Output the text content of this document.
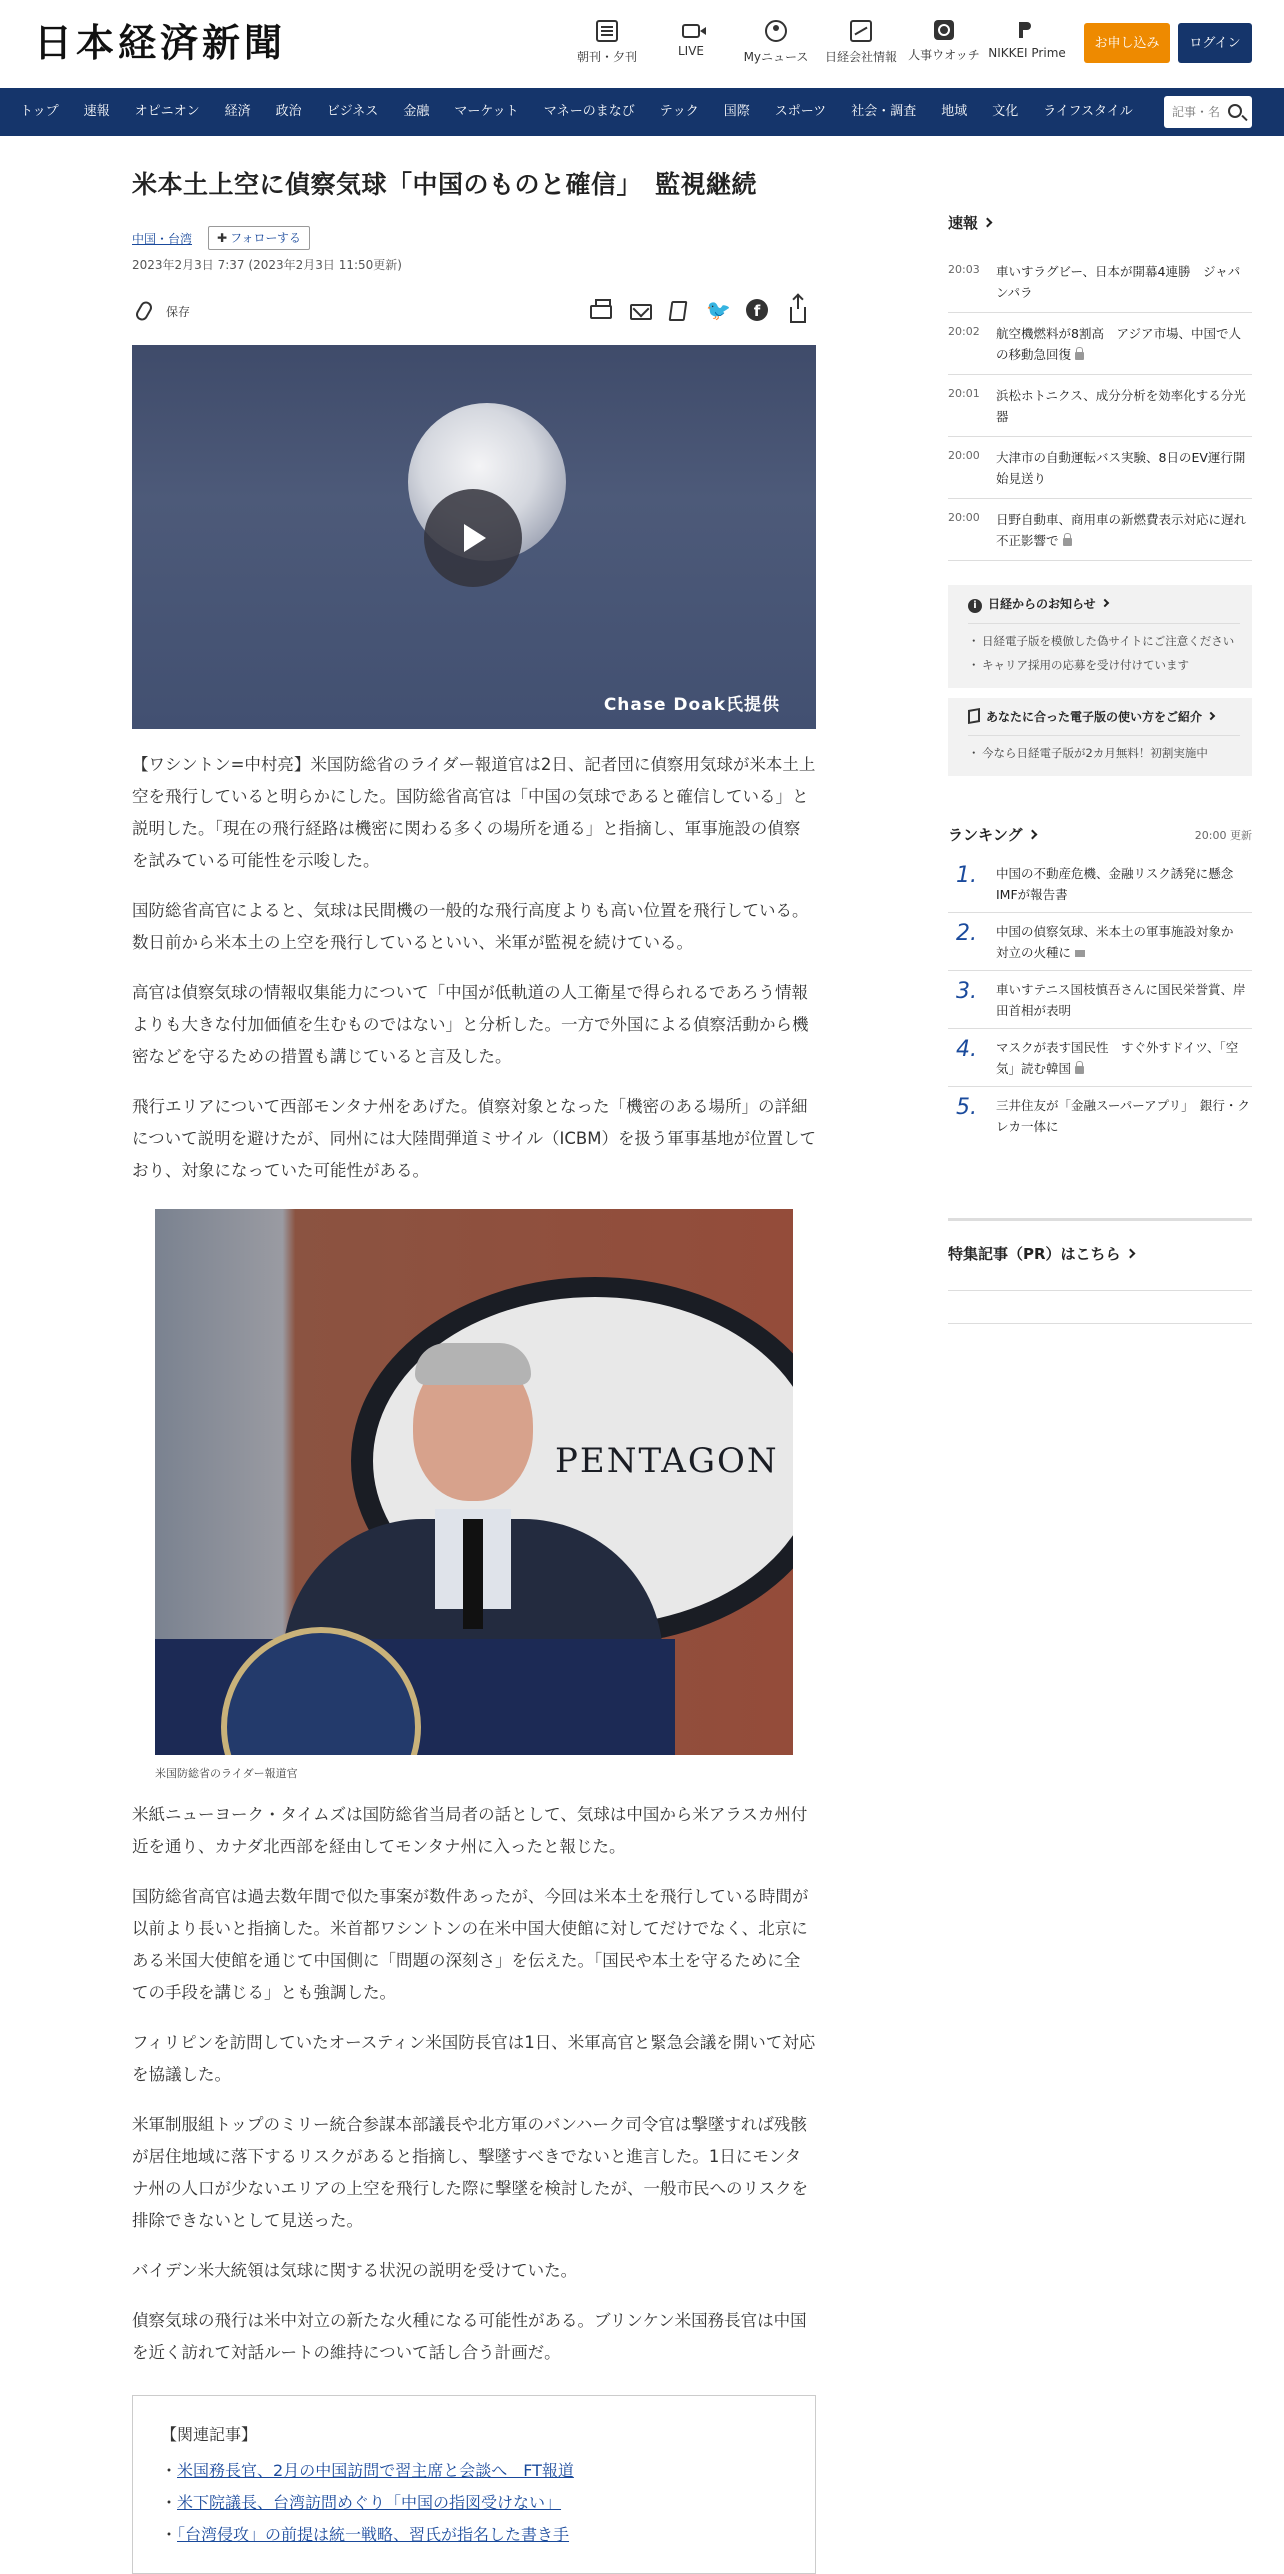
日本経済新聞	朝刊・夕刊	LIVE	Myニュース	日経会社情報 人事ウオッチ NIKKEI Prime
お申し込み	ログイン
トップ 速報 オピニオン 経済 政治 ビジネス 金融 マーケット マネーのまなび テック 国際 スポーツ 社会・調査 地域 文化 ライフスタイル
記事・名
米本土上空に偵察気球「中国のものと確信」　監視継続
中国・台湾	✚ フォローする
2023年2月3日 7:37 (2023年2月3日 11:50更新)
保存	🐦	f
Chase Doak氏提供

【ワシントン=中村亮】米国防総省のライダー報道官は2日、記者団に偵察用気球が米本土上空を飛行していると明らかにした。国防総省高官は「中国の気球であると確信している」と説明した。「現在の飛行経路は機密に関わる多くの場所を通る」と指摘し、軍事施設の偵察を試みている可能性を示唆した。

国防総省高官によると、気球は民間機の一般的な飛行高度よりも高い位置を飛行している。数日前から米本土の上空を飛行しているといい、米軍が監視を続けている。

高官は偵察気球の情報収集能力について「中国が低軌道の人工衛星で得られるであろう情報よりも大きな付加価値を生むものではない」と分析した。一方で外国による偵察活動から機密などを守るための措置も講じていると言及した。

飛行エリアについて西部モンタナ州をあげた。偵察対象となった「機密のある場所」の詳細について説明を避けたが、同州には大陸間弾道ミサイル（ICBM）を扱う軍事基地が位置しており、対象になっていた可能性がある。

PENTAGON
米国防総省のライダー報道官

米紙ニューヨーク・タイムズは国防総省当局者の話として、気球は中国から米アラスカ州付近を通り、カナダ北西部を経由してモンタナ州に入ったと報じた。

国防総省高官は過去数年間で似た事案が数件あったが、今回は米本土を飛行している時間が以前より長いと指摘した。米首都ワシントンの在米中国大使館に対してだけでなく、北京にある米国大使館を通じて中国側に「問題の深刻さ」を伝えた。「国民や本土を守るために全ての手段を講じる」とも強調した。

フィリピンを訪問していたオースティン米国防長官は1日、米軍高官と緊急会議を開いて対応を協議した。

米軍制服組トップのミリー統合参謀本部議長や北方軍のバンハーク司令官は撃墜すれば残骸が居住地域に落下するリスクがあると指摘し、撃墜すべきでないと進言した。1日にモンタナ州の人口が少ないエリアの上空を飛行した際に撃墜を検討したが、一般市民へのリスクを排除できないとして見送った。

バイデン米大統領は気球に関する状況の説明を受けていた。

偵察気球の飛行は米中対立の新たな火種になる可能性がある。ブリンケン米国務長官は中国を近く訪れて対話ルートの維持について話し合う計画だ。

【関連記事】
・米国務長官、2月の中国訪問で習主席と会談へ　FT報道
・米下院議長、台湾訪問めぐり「中国の指図受けない」
・「台湾侵攻」の前提は統一戦略、習氏が指名した書き手
速報
20:03	車いすラグビー、日本が開幕4連勝　ジャパンパラ
20:02	航空機燃料が8割高　アジア市場、中国で人の移動急回復
20:01	浜松ホトニクス、成分分析を効率化する分光器
20:00	大津市の自動運転バス実験、8日のEV運行開始見送り
20:00	日野自動車、商用車の新燃費表示対応に遅れ　不正影響で
i 日経からのお知らせ
・ 日経電子版を模倣した偽サイトにご注意ください
・ キャリア採用の応募を受け付けています
あなたに合った電子版の使い方をご紹介
・ 今なら日経電子版が2カ月無料！初割実施中
ランキング	20:00 更新
1.	中国の不動産危機、金融リスク誘発に懸念　IMFが報告書
2.	中国の偵察気球、米本土の軍事施設対象か　対立の火種に
3.	車いすテニス国枝慎吾さんに国民栄誉賞、岸田首相が表明
4.	マスクが表す国民性　すぐ外すドイツ、「空気」読む韓国
5.	三井住友が「金融スーパーアプリ」　銀行・クレカ一体に
特集記事（PR）はこちら
